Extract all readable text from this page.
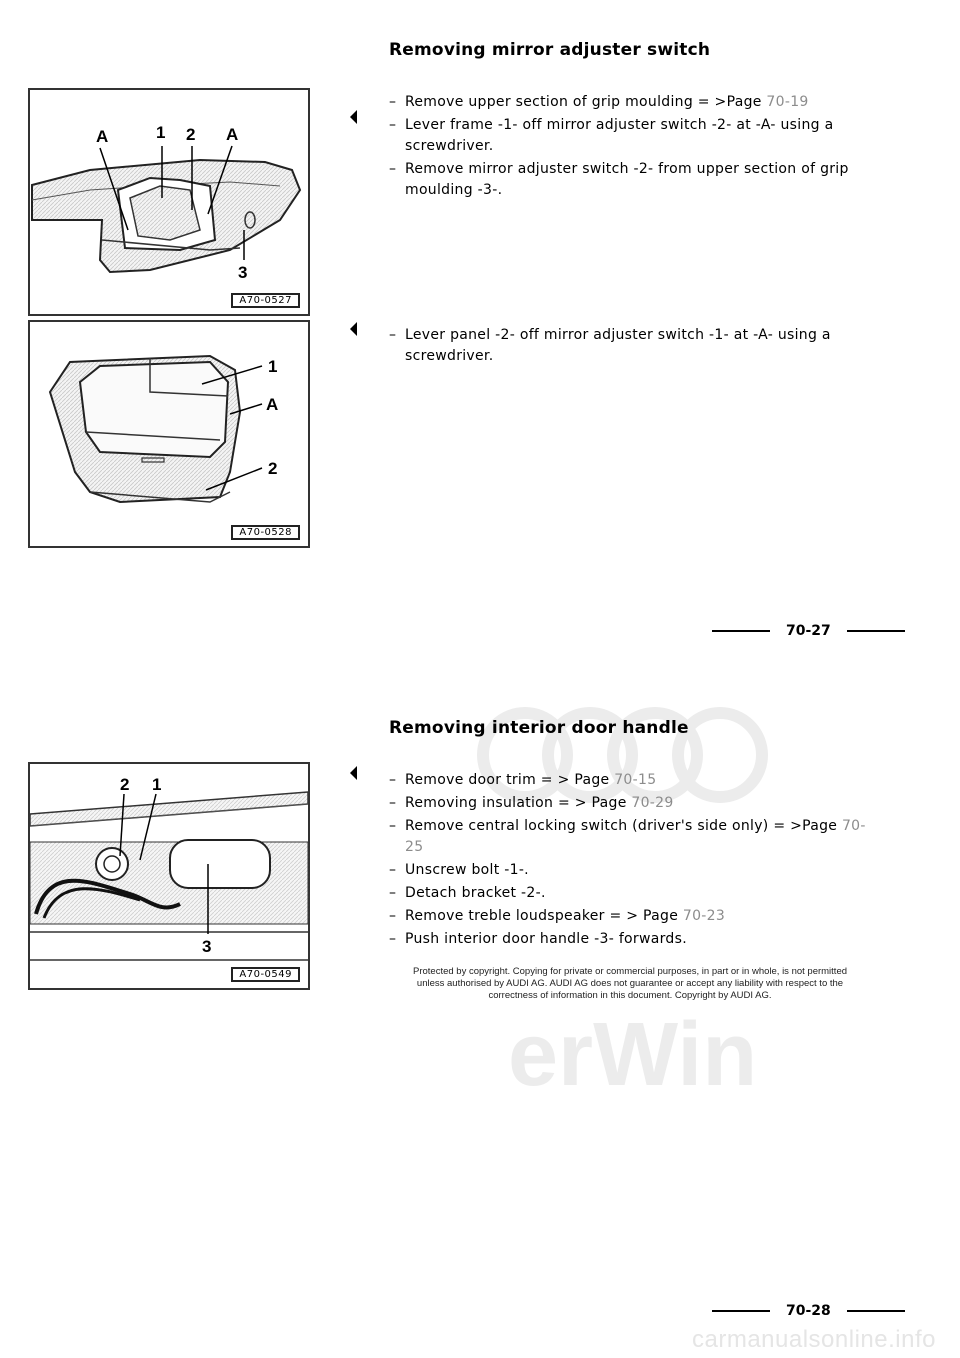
Removing mirror adjuster switch
A	1 2 A
3
A70-0527
– Remove upper section of grip moulding = >Page 70-19
– Lever frame -1- off mirror adjuster switch -2- at -A- using a screwdriver.
– Remove mirror adjuster switch -2- from upper section of grip moulding -3-.
1
A
2
A70-0528
– Lever panel -2- off mirror adjuster switch -1- at -A- using a screwdriver.
70-27
erWin
Removing interior door handle
2 1
3
A70-0549
– Remove door trim = > Page 70-15
– Removing insulation = > Page 70-29
– Remove central locking switch (driver's side only) = >Page 70-25
– Unscrew bolt -1-.
– Detach bracket -2-.
– Remove treble loudspeaker = > Page 70-23
– Push interior door handle -3- forwards.
Protected by copyright. Copying for private or commercial purposes, in part or in whole, is not permitted unless authorised by AUDI AG. AUDI AG does not guarantee or accept any liability with respect to the correctness of information in this document. Copyright by AUDI AG.
70-28
carmanualsonline.info
